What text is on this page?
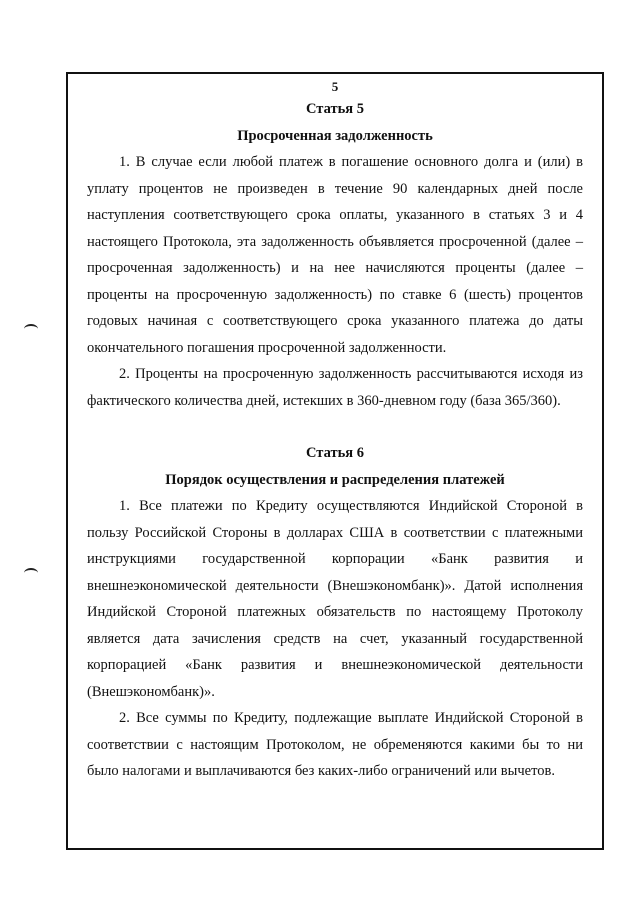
5
Статья 5
Просроченная задолженность

1. В случае если любой платеж в погашение основного долга и (или) в уплату процентов не произведен в течение 90 календарных дней после наступления соответствующего срока оплаты, указанного в статьях 3 и 4 настоящего Протокола, эта задолженность объявляется просроченной (далее – просроченная задолженность) и на нее начисляются проценты (далее – проценты на просроченную задолженность) по ставке 6 (шесть) процентов годовых начиная с соответствующего срока указанного платежа до даты окончательного погашения просроченной задолженности.

2. Проценты на просроченную задолженность рассчитываются исходя из фактического количества дней, истекших в 360-дневном году (база 365/360).

Статья 6
Порядок осуществления и распределения платежей

1. Все платежи по Кредиту осуществляются Индийской Стороной в пользу Российской Стороны в долларах США в соответствии с платежными инструкциями государственной корпорации «Банк развития и внешнеэкономической деятельности (Внешэкономбанк)». Датой исполнения Индийской Стороной платежных обязательств по настоящему Протоколу является дата зачисления средств на счет, указанный государственной корпорацией «Банк развития и внешнеэкономической деятельности (Внешэкономбанк)».

2. Все суммы по Кредиту, подлежащие выплате Индийской Стороной в соответствии с настоящим Протоколом, не обременяются какими бы то ни было налогами и выплачиваются без каких-либо ограничений или вычетов.
